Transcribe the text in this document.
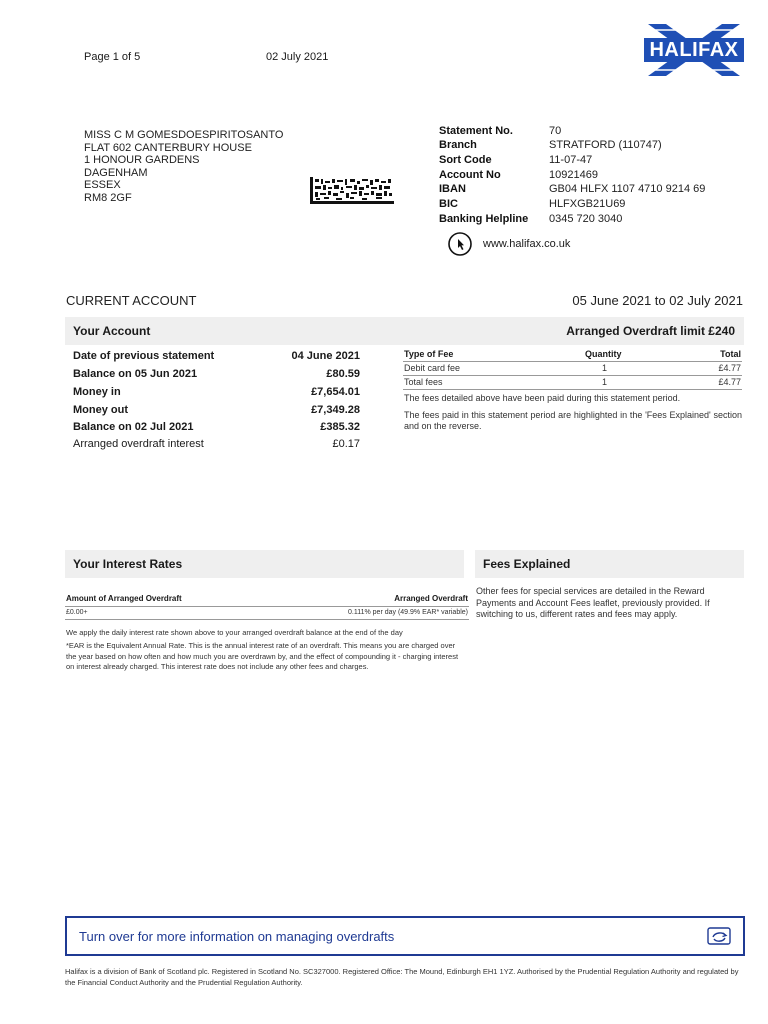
Page 1 of 5	02 July 2021	HALIFAX
MISS C M GOMESDOESPIRITOSANTO
FLAT 602 CANTERBURY HOUSE
1 HONOUR GARDENS
DAGENHAM
ESSEX
RM8 2GF
Statement No.	70
Branch	STRATFORD (110747)
Sort Code	11-07-47
Account No	10921469
IBAN	GB04 HLFX 1107 4710 9214 69
BIC	HLFXGB21U69
Banking Helpline 0345 720 3040
www.halifax.co.uk
CURRENT ACCOUNT	05 June 2021 to 02 July 2021
Your Account	Arranged Overdraft limit £240
Date of previous statement	04 June 2021
Balance on 05 Jun 2021	£80.59
Money in	£7,654.01
Money out	£7,349.28
Balance on 02 Jul 2021	£385.32
Arranged overdraft interest	£0.17
Type of Fee	Quantity	Total
Debit card fee	1	£4.77
Total fees	1	£4.77
The fees detailed above have been paid during this statement period.
The fees paid in this statement period are highlighted in the 'Fees Explained' section and on the reverse.
Your Interest Rates
Amount of Arranged Overdraft	Arranged Overdraft
£0.00+	0.111% per day (49.9% EAR* variable)
We apply the daily interest rate shown above to your arranged overdraft balance at the end of the day
*EAR is the Equivalent Annual Rate. This is the annual interest rate of an overdraft. This means you are charged over the year based on how often and how much you are overdrawn by, and the effect of compounding it - charging interest on interest already charged. This interest rate does not include any other fees and charges.
Fees Explained
Other fees for special services are detailed in the Reward Payments and Account Fees leaflet, previously provided. If switching to us, different rates and fees may apply.
Turn over for more information on managing overdrafts
Halifax is a division of Bank of Scotland plc. Registered in Scotland No. SC327000. Registered Office: The Mound, Edinburgh EH1 1YZ. Authorised by the Prudential Regulation Authority and regulated by the Financial Conduct Authority and the Prudential Regulation Authority.
